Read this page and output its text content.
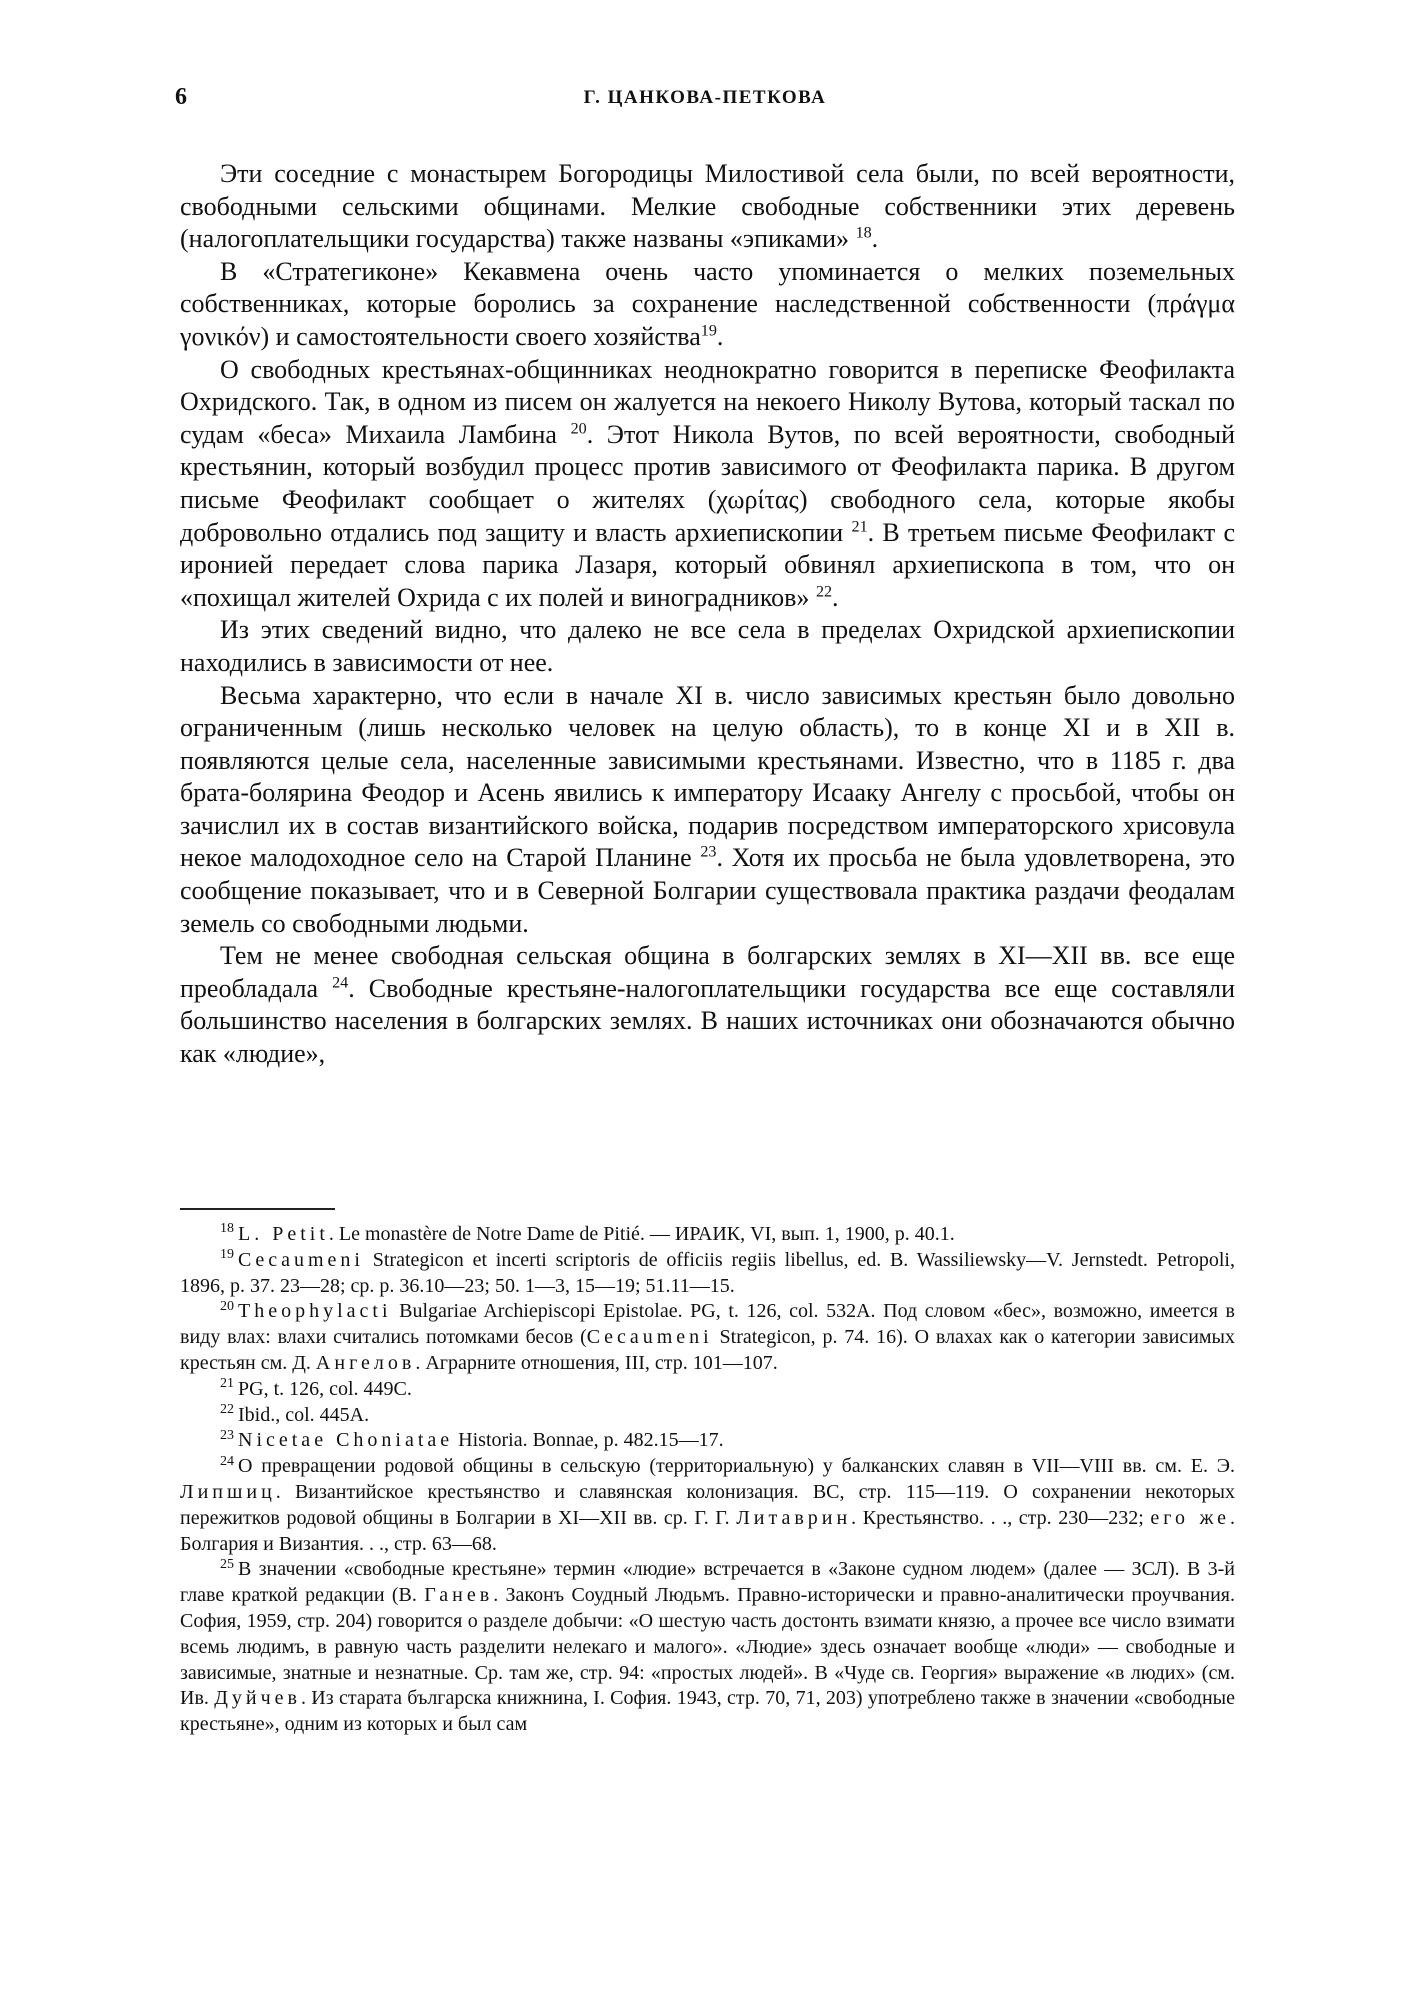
6	Г. ЦАНКОВА-ПЕТКОВА

Эти соседние с монастырем Богородицы Милостивой села были, по всей вероятности, свободными сельскими общинами. Мелкие свободные собственники этих деревень (налогоплательщики государства) также названы «эпиками» $^{18}$.

В «Стратегиконе» Кекавмена очень часто упоминается о мелких поземельных собственниках, которые боролись за сохранение наследственной собственности (πράγμα γονικόν) и самостоятельности своего хозяйства$^{19}$.

О свободных крестьянах-общинниках неоднократно говорится в переписке Феофилакта Охридского. Так, в одном из писем он жалуется на некоего Николу Вутова, который таскал по судам «беса» Михаила Ламбина $^{20}$. Этот Никола Вутов, по всей вероятности, свободный крестьянин, который возбудил процесс против зависимого от Феофилакта парика. В другом письме Феофилакт сообщает о жителях (χωρίτας) свободного села, которые якобы добровольно отдались под защиту и власть архиепископии $^{21}$. В третьем письме Феофилакт с иронией передает слова парика Лазаря, который обвинял архиепископа в том, что он «похищал жителей Охрида с их полей и виноградников» $^{22}$.

Из этих сведений видно, что далеко не все села в пределах Охридской архиепископии находились в зависимости от нее.

Весьма характерно, что если в начале XI в. число зависимых крестьян было довольно ограниченным (лишь несколько человек на целую область), то в конце XI и в XII в. появляются целые села, населенные зависимыми крестьянами. Известно, что в 1185 г. два брата-болярина Феодор и Асень явились к императору Исааку Ангелу с просьбой, чтобы он зачислил их в состав византийского войска, подарив посредством императорского хрисовула некое малодоходное село на Старой Планине $^{23}$. Хотя их просьба не была удовлетворена, это сообщение показывает, что и в Северной Болгарии существовала практика раздачи феодалам земель со свободными людьми.

Тем не менее свободная сельская община в болгарских землях в XI—XII вв. все еще преобладала $^{24}$. Свободные крестьяне-налогоплательщики государства все еще составляли большинство населения в болгарских землях. В наших источниках они обозначаются обычно как «людие»,

$^{18}$ L. Petit. Le monastère de Notre Dame de Pitié. — ИРАИК, VI, вып. 1, 1900, p. 40.1.

$^{19}$ Cecaumeni Strategicon et incerti scriptoris de officiis regiis libellus, ed. B. Wassiliewsky—V. Jernstedt. Petropoli, 1896, p. 37. 23—28; ср. p. 36.10—23; 50. 1—3, 15—19; 51.11—15.

$^{20}$ Theophylacti Bulgariae Archiepiscopi Epistolae. PG, t. 126, col. 532A. Под словом «бес», возможно, имеется в виду влах: влахи считались потомками бесов (Cecaumeni Strategicon, p. 74. 16). О влахах как о категории зависимых крестьян см. Д. Ангелов. Аграрните отношения, III, стр. 101—107.

$^{21}$ PG, t. 126, col. 449C.

$^{22}$ Ibid., col. 445A.

$^{23}$ Nicetae Choniatae Historia. Bonnae, p. 482.15—17.

$^{24}$ О превращении родовой общины в сельскую (территориальную) у балканских славян в VII—VIII вв. см. Е. Э. Липшиц. Византийское крестьянство и славянская колонизация. ВС, стр. 115—119. О сохранении некоторых пережитков родовой общины в Болгарии в XI—XII вв. ср. Г. Г. Литаврин. Крестьянство. . ., стр. 230—232; его же. Болгария и Византия. . ., стр. 63—68.

$^{25}$ В значении «свободные крестьяне» термин «людие» встречается в «Законе судном людем» (далее — ЗСЛ). В 3-й главе краткой редакции (В. Ганев. Законъ Соудный Людьмъ. Правно-исторически и правно-аналитически проучвания. София, 1959, стр. 204) говорится о разделе добычи: «О шестую часть достонть взимати князю, а прочее все число взимати всемь людимъ, в равную часть разделити нелекаго и малого». «Людие» здесь означает вообще «люди» — свободные и зависимые, знатные и незнатные. Ср. там же, стр. 94: «простых людей». В «Чуде св. Георгия» выражение «в людих» (см. Ив. Дуйчев. Из старата българска книжнина, I. София. 1943, стр. 70, 71, 203) употреблено также в значении «свободные крестьяне», одним из которых и был сам
